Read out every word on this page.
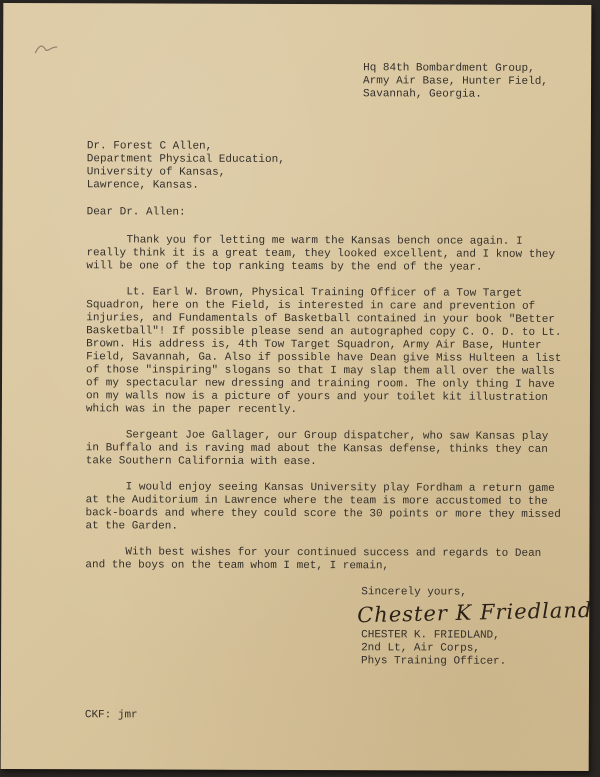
Hq 84th Bombardment Group,
Army Air Base, Hunter Field,
Savannah, Georgia.
Dr. Forest C Allen,
Department Physical Education,
University of Kansas,
Lawrence, Kansas.
Dear Dr. Allen:

Thank you for letting me warm the Kansas bench once again. I really think it is a great team, they looked excellent, and I know they will be one of the top ranking teams by the end of the year.

Lt. Earl W. Brown, Physical Training Officer of a Tow Target Squadron, here on the Field, is interested in care and prevention of injuries, and Fundamentals of Basketball contained in your book "Better Basketball"! If possible please send an autographed copy C. O. D. to Lt. Brown. His address is, 4th Tow Target Squadron, Army Air Base, Hunter Field, Savannah, Ga. Also if possible have Dean give Miss Hulteen a list of those "inspiring" slogans so that I may slap them all over the walls of my spectacular new dressing and training room. The only thing I have on my walls now is a picture of yours and your toilet kit illustration which was in the paper recently.

Sergeant Joe Gallager, our Group dispatcher, who saw Kansas play in Buffalo and is raving mad about the Kansas defense, thinks they can take Southern California with ease.

I would enjoy seeing Kansas University play Fordham a return game at the Auditorium in Lawrence where the team is more accustomed to the back-boards and where they could score the 30 points or more they missed at the Garden.

With best wishes for your continued success and regards to Dean and the boys on the team whom I met, I remain,

Sincerely yours,
Chester K Friedland
CHESTER K. FRIEDLAND,
2nd Lt, Air Corps,
Phys Training Officer.
CKF: jmr
